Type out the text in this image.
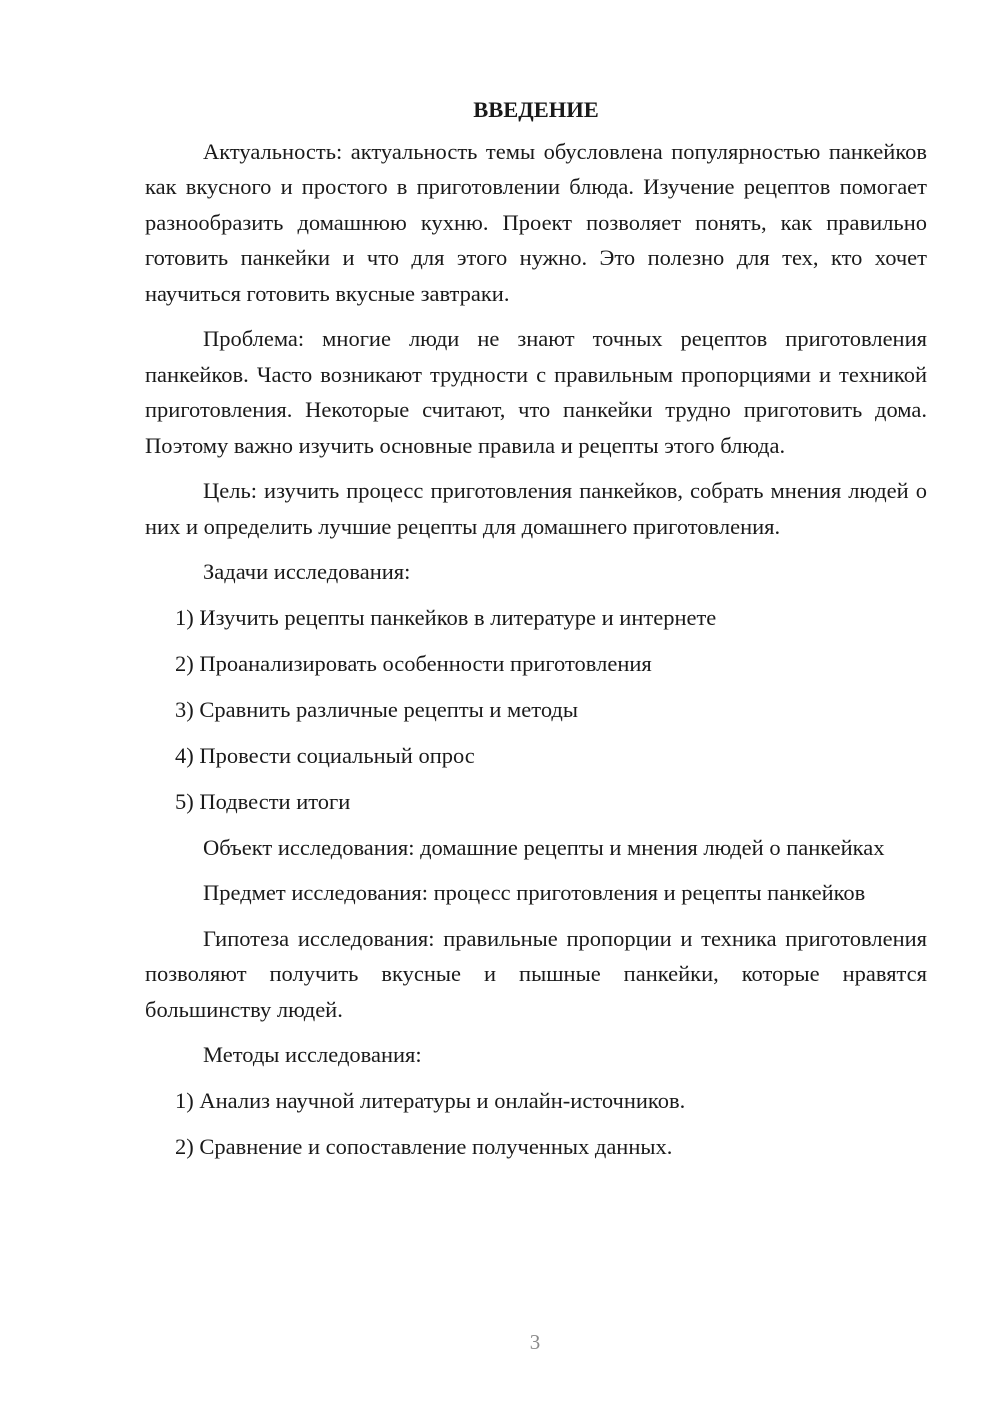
ВВЕДЕНИЕ

Актуальность: актуальность темы обусловлена популярностью панкейков как вкусного и простого в приготовлении блюда. Изучение рецептов помогает разнообразить домашнюю кухню. Проект позволяет понять, как правильно готовить панкейки и что для этого нужно. Это полезно для тех, кто хочет научиться готовить вкусные завтраки.

Проблема: многие люди не знают точных рецептов приготовления панкейков. Часто возникают трудности с правильным пропорциями и техникой приготовления. Некоторые считают, что панкейки трудно приготовить дома. Поэтому важно изучить основные правила и рецепты этого блюда.

Цель: изучить процесс приготовления панкейков, собрать мнения людей о них и определить лучшие рецепты для домашнего приготовления.

Задачи исследования:
1) Изучить рецепты панкейков в литературе и интернете
2) Проанализировать особенности приготовления
3) Сравнить различные рецепты и методы
4) Провести социальный опрос
5) Подвести итоги

Объект исследования: домашние рецепты и мнения людей о панкейках

Предмет исследования: процесс приготовления и рецепты панкейков

Гипотеза исследования: правильные пропорции и техника приготовления позволяют получить вкусные и пышные панкейки, которые нравятся большинству людей.

Методы исследования:
1) Анализ научной литературы и онлайн-источников.
2) Сравнение и сопоставление полученных данных.
3
